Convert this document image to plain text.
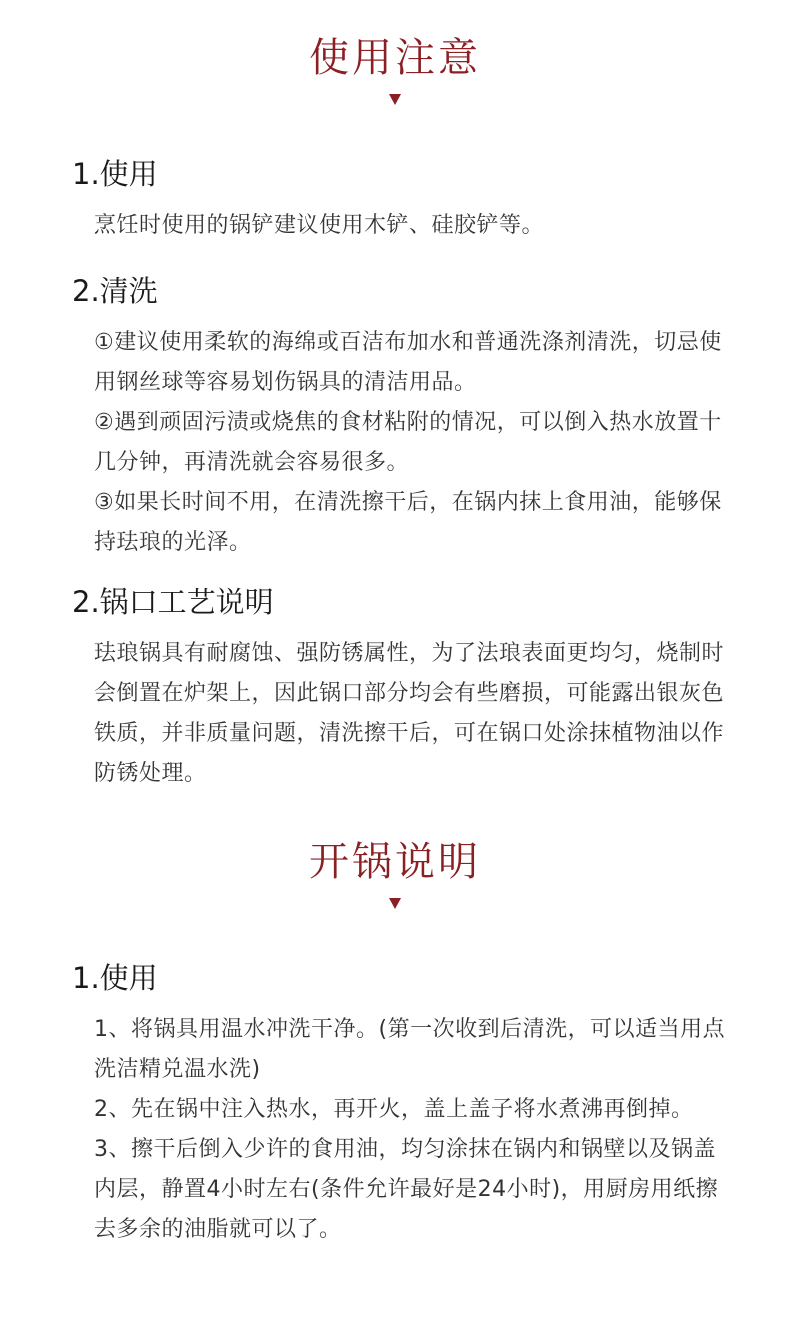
使用注意
1.使用

烹饪时使用的锅铲建议使用木铲、硅胶铲等。

2.清洗

①建议使用柔软的海绵或百洁布加水和普通洗涤剂清洗，切忌使用钢丝球等容易划伤锅具的清洁用品。

②遇到顽固污渍或烧焦的食材粘附的情况，可以倒入热水放置十几分钟，再清洗就会容易很多。

③如果长时间不用，在清洗擦干后，在锅内抹上食用油，能够保持珐琅的光泽。

2.锅口工艺说明

珐琅锅具有耐腐蚀、强防锈属性，为了法琅表面更均匀，烧制时会倒置在炉架上，因此锅口部分均会有些磨损，可能露出银灰色铁质，并非质量问题，清洗擦干后，可在锅口处涂抹植物油以作防锈处理。

开锅说明
1.使用

1、将锅具用温水冲洗干净。(第一次收到后清洗，可以适当用点洗洁精兑温水洗)

2、先在锅中注入热水，再开火，盖上盖子将水煮沸再倒掉。

3、擦干后倒入少许的食用油，均匀涂抹在锅内和锅壁以及锅盖内层，静置4小时左右(条件允许最好是24小时)，用厨房用纸擦去多余的油脂就可以了。
